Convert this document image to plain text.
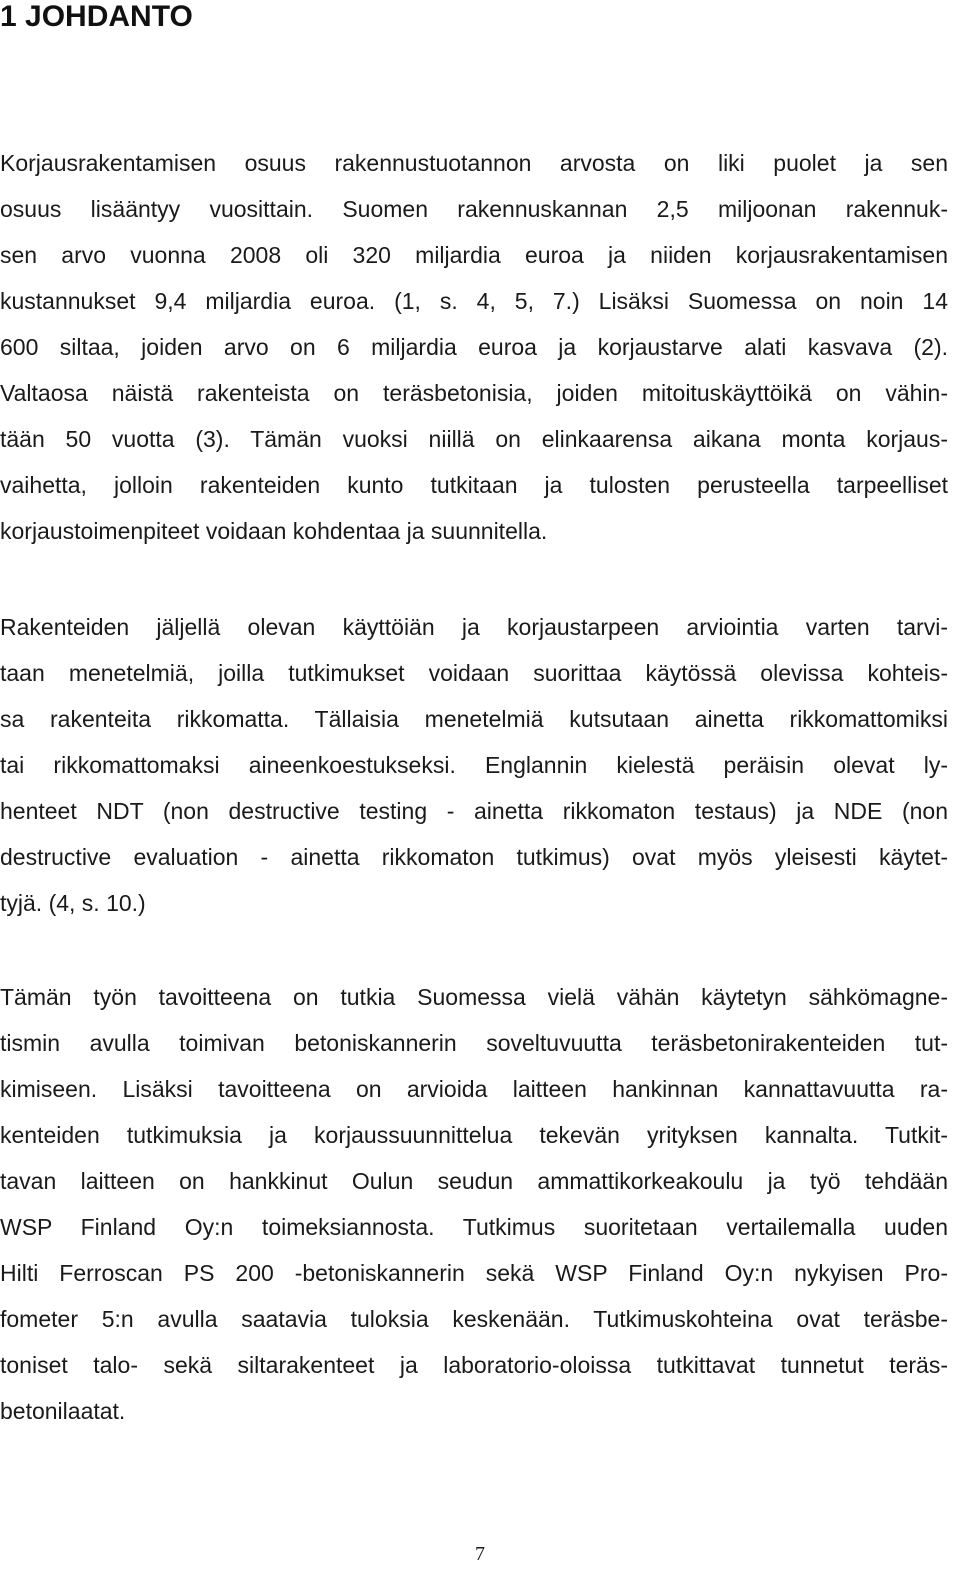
1 JOHDANTO

Korjausrakentamisen osuus rakennustuotannon arvosta on liki puolet ja sen
osuus lisääntyy vuosittain. Suomen rakennuskannan 2,5 miljoonan rakennuk-
sen arvo vuonna 2008 oli 320 miljardia euroa ja niiden korjausrakentamisen
kustannukset 9,4 miljardia euroa. (1, s. 4, 5, 7.) Lisäksi Suomessa on noin 14
600 siltaa, joiden arvo on 6 miljardia euroa ja korjaustarve alati kasvava (2).
Valtaosa näistä rakenteista on teräsbetonisia, joiden mitoituskäyttöikä on vähin-
tään 50 vuotta (3). Tämän vuoksi niillä on elinkaarensa aikana monta korjaus-
vaihetta, jolloin rakenteiden kunto tutkitaan ja tulosten perusteella tarpeelliset
korjaustoimenpiteet voidaan kohdentaa ja suunnitella.

Rakenteiden jäljellä olevan käyttöiän ja korjaustarpeen arviointia varten tarvi-
taan menetelmiä, joilla tutkimukset voidaan suorittaa käytössä olevissa kohteis-
sa rakenteita rikkomatta. Tällaisia menetelmiä kutsutaan ainetta rikkomattomiksi
tai rikkomattomaksi aineenkoestukseksi. Englannin kielestä peräisin olevat ly-
henteet NDT (non destructive testing - ainetta rikkomaton testaus) ja NDE (non
destructive evaluation - ainetta rikkomaton tutkimus) ovat myös yleisesti käytet-
tyjä. (4, s. 10.)

Tämän työn tavoitteena on tutkia Suomessa vielä vähän käytetyn sähkömagne-
tismin avulla toimivan betoniskannerin soveltuvuutta teräsbetonirakenteiden tut-
kimiseen. Lisäksi tavoitteena on arvioida laitteen hankinnan kannattavuutta ra-
kenteiden tutkimuksia ja korjaussuunnittelua tekevän yrityksen kannalta. Tutkit-
tavan laitteen on hankkinut Oulun seudun ammattikorkeakoulu ja työ tehdään
WSP Finland Oy:n toimeksiannosta. Tutkimus suoritetaan vertailemalla uuden
Hilti Ferroscan PS 200 -betoniskannerin sekä WSP Finland Oy:n nykyisen Pro-
fometer 5:n avulla saatavia tuloksia keskenään. Tutkimuskohteina ovat teräsbe-
toniset talo- sekä siltarakenteet ja laboratorio-oloissa tutkittavat tunnetut teräs-
betonilaatat.

7
